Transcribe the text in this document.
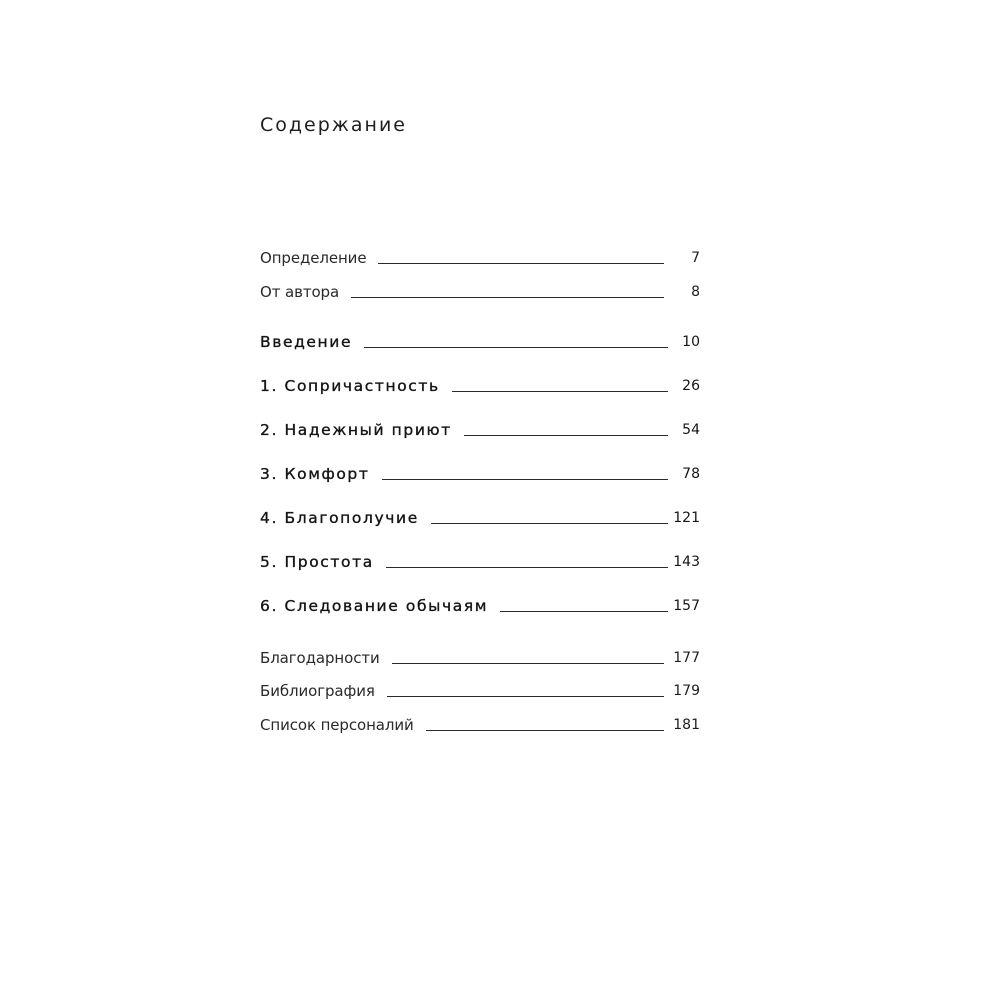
Содержание
Определение	7
От автора	8
Введение	10
1. Сопричастность	26
2. Надежный приют	54
3. Комфорт	78
4. Благополучие	121
5. Простота	143
6. Следование обычаям	157
Благодарности	177
Библиография	179
Список персоналий	181
